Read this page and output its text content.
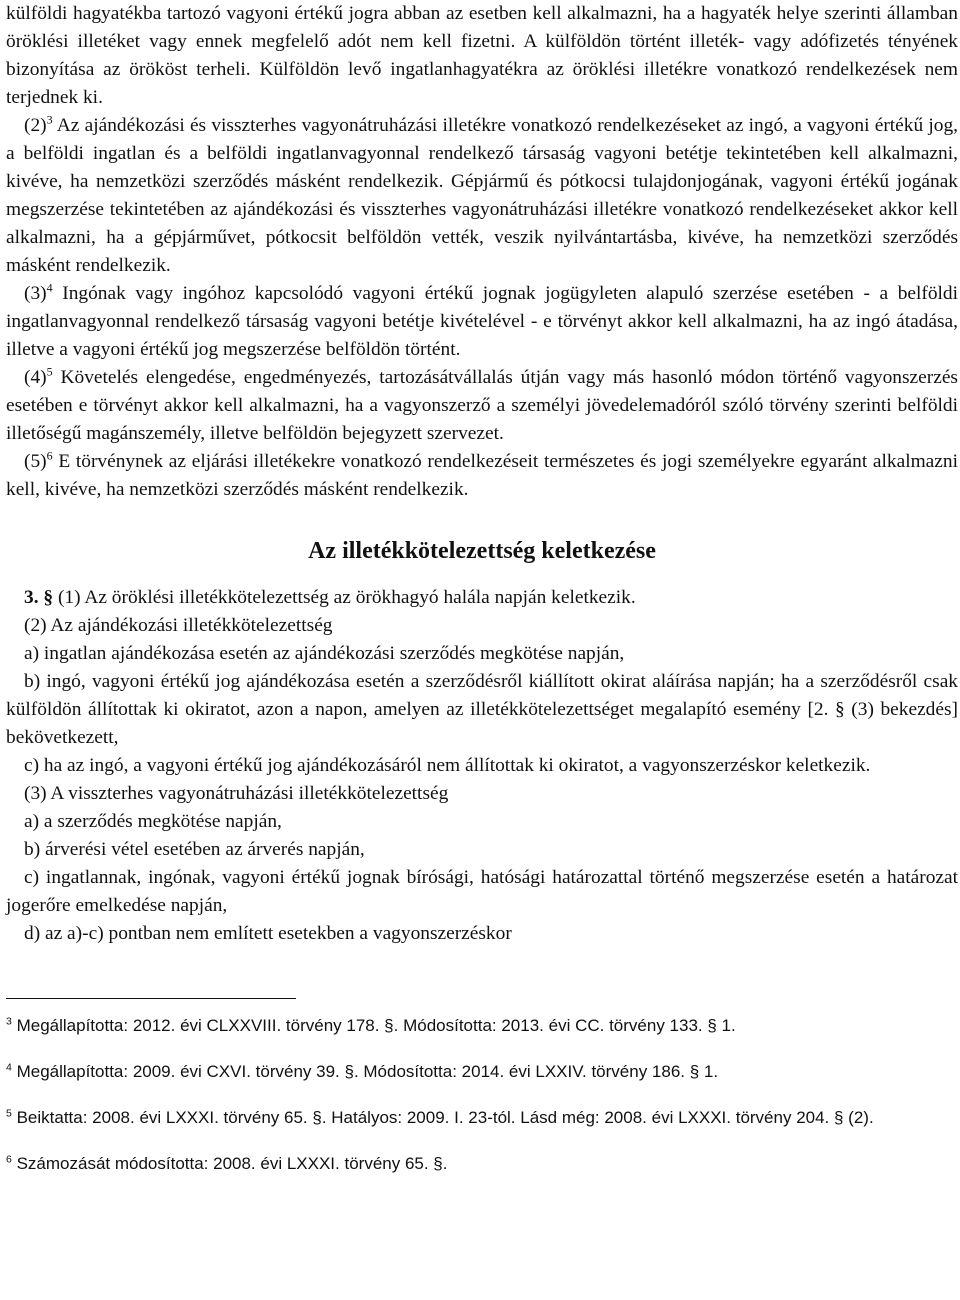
külföldi hagyatékba tartozó vagyoni értékű jogra abban az esetben kell alkalmazni, ha a hagyaték helye szerinti államban öröklési illetéket vagy ennek megfelelő adót nem kell fizetni. A külföldön történt illeték- vagy adófizetés tényének bizonyítása az örököst terheli. Külföldön levő ingatlanhagyatékra az öröklési illetékre vonatkozó rendelkezések nem terjednek ki.

$(2)^3$ Az ajándékozási és visszterhes vagyonátruházási illetékre vonatkozó rendelkezéseket az ingó, a vagyoni értékű jog, a belföldi ingatlan és a belföldi ingatlanvagyonnal rendelkező társaság vagyoni betétje tekintetében kell alkalmazni, kivéve, ha nemzetközi szerződés másként rendelkezik. Gépjármű és pótkocsi tulajdonjogának, vagyoni értékű jogának megszerzése tekintetében az ajándékozási és visszterhes vagyonátruházási illetékre vonatkozó rendelkezéseket akkor kell alkalmazni, ha a gépjárművet, pótkocsit belföldön vették, veszik nyilvántartásba, kivéve, ha nemzetközi szerződés másként rendelkezik.

$(3)^4$ Ingónak vagy ingóhoz kapcsolódó vagyoni értékű jognak jogügyleten alapuló szerzése esetében - a belföldi ingatlanvagyonnal rendelkező társaság vagyoni betétje kivételével - e törvényt akkor kell alkalmazni, ha az ingó átadása, illetve a vagyoni értékű jog megszerzése belföldön történt.

$(4)^5$ Követelés elengedése, engedményezés, tartozásátvállalás útján vagy más hasonló módon történő vagyonszerzés esetében e törvényt akkor kell alkalmazni, ha a vagyonszerző a személyi jövedelemadóról szóló törvény szerinti belföldi illetőségű magánszemély, illetve belföldön bejegyzett szervezet.

$(5)^6$ E törvénynek az eljárási illetékekre vonatkozó rendelkezéseit természetes és jogi személyekre egyaránt alkalmazni kell, kivéve, ha nemzetközi szerződés másként rendelkezik.

Az illetékkötelezettség keletkezése

3. § (1) Az öröklési illetékkötelezettség az örökhagyó halála napján keletkezik.

(2) Az ajándékozási illetékkötelezettség

a) ingatlan ajándékozása esetén az ajándékozási szerződés megkötése napján,

b) ingó, vagyoni értékű jog ajándékozása esetén a szerződésről kiállított okirat aláírása napján; ha a szerződésről csak külföldön állítottak ki okiratot, azon a napon, amelyen az illetékkötelezettséget megalapító esemény [2. § (3) bekezdés] bekövetkezett,

c) ha az ingó, a vagyoni értékű jog ajándékozásáról nem állítottak ki okiratot, a vagyonszerzéskor keletkezik.

(3) A visszterhes vagyonátruházási illetékkötelezettség

a) a szerződés megkötése napján,

b) árverési vétel esetében az árverés napján,

c) ingatlannak, ingónak, vagyoni értékű jognak bírósági, hatósági határozattal történő megszerzése esetén a határozat jogerőre emelkedése napján,

d) az a)-c) pontban nem említett esetekben a vagyonszerzéskor

$^3$ Megállapította: 2012. évi CLXXVIII. törvény 178. §. Módosította: 2013. évi CC. törvény 133. § 1.

$^4$ Megállapította: 2009. évi CXVI. törvény 39. §. Módosította: 2014. évi LXXIV. törvény 186. § 1.

$^5$ Beiktatta: 2008. évi LXXXI. törvény 65. §. Hatályos: 2009. I. 23-tól. Lásd még: 2008. évi LXXXI. törvény 204. § (2).

$^6$ Számozását módosította: 2008. évi LXXXI. törvény 65. §.
